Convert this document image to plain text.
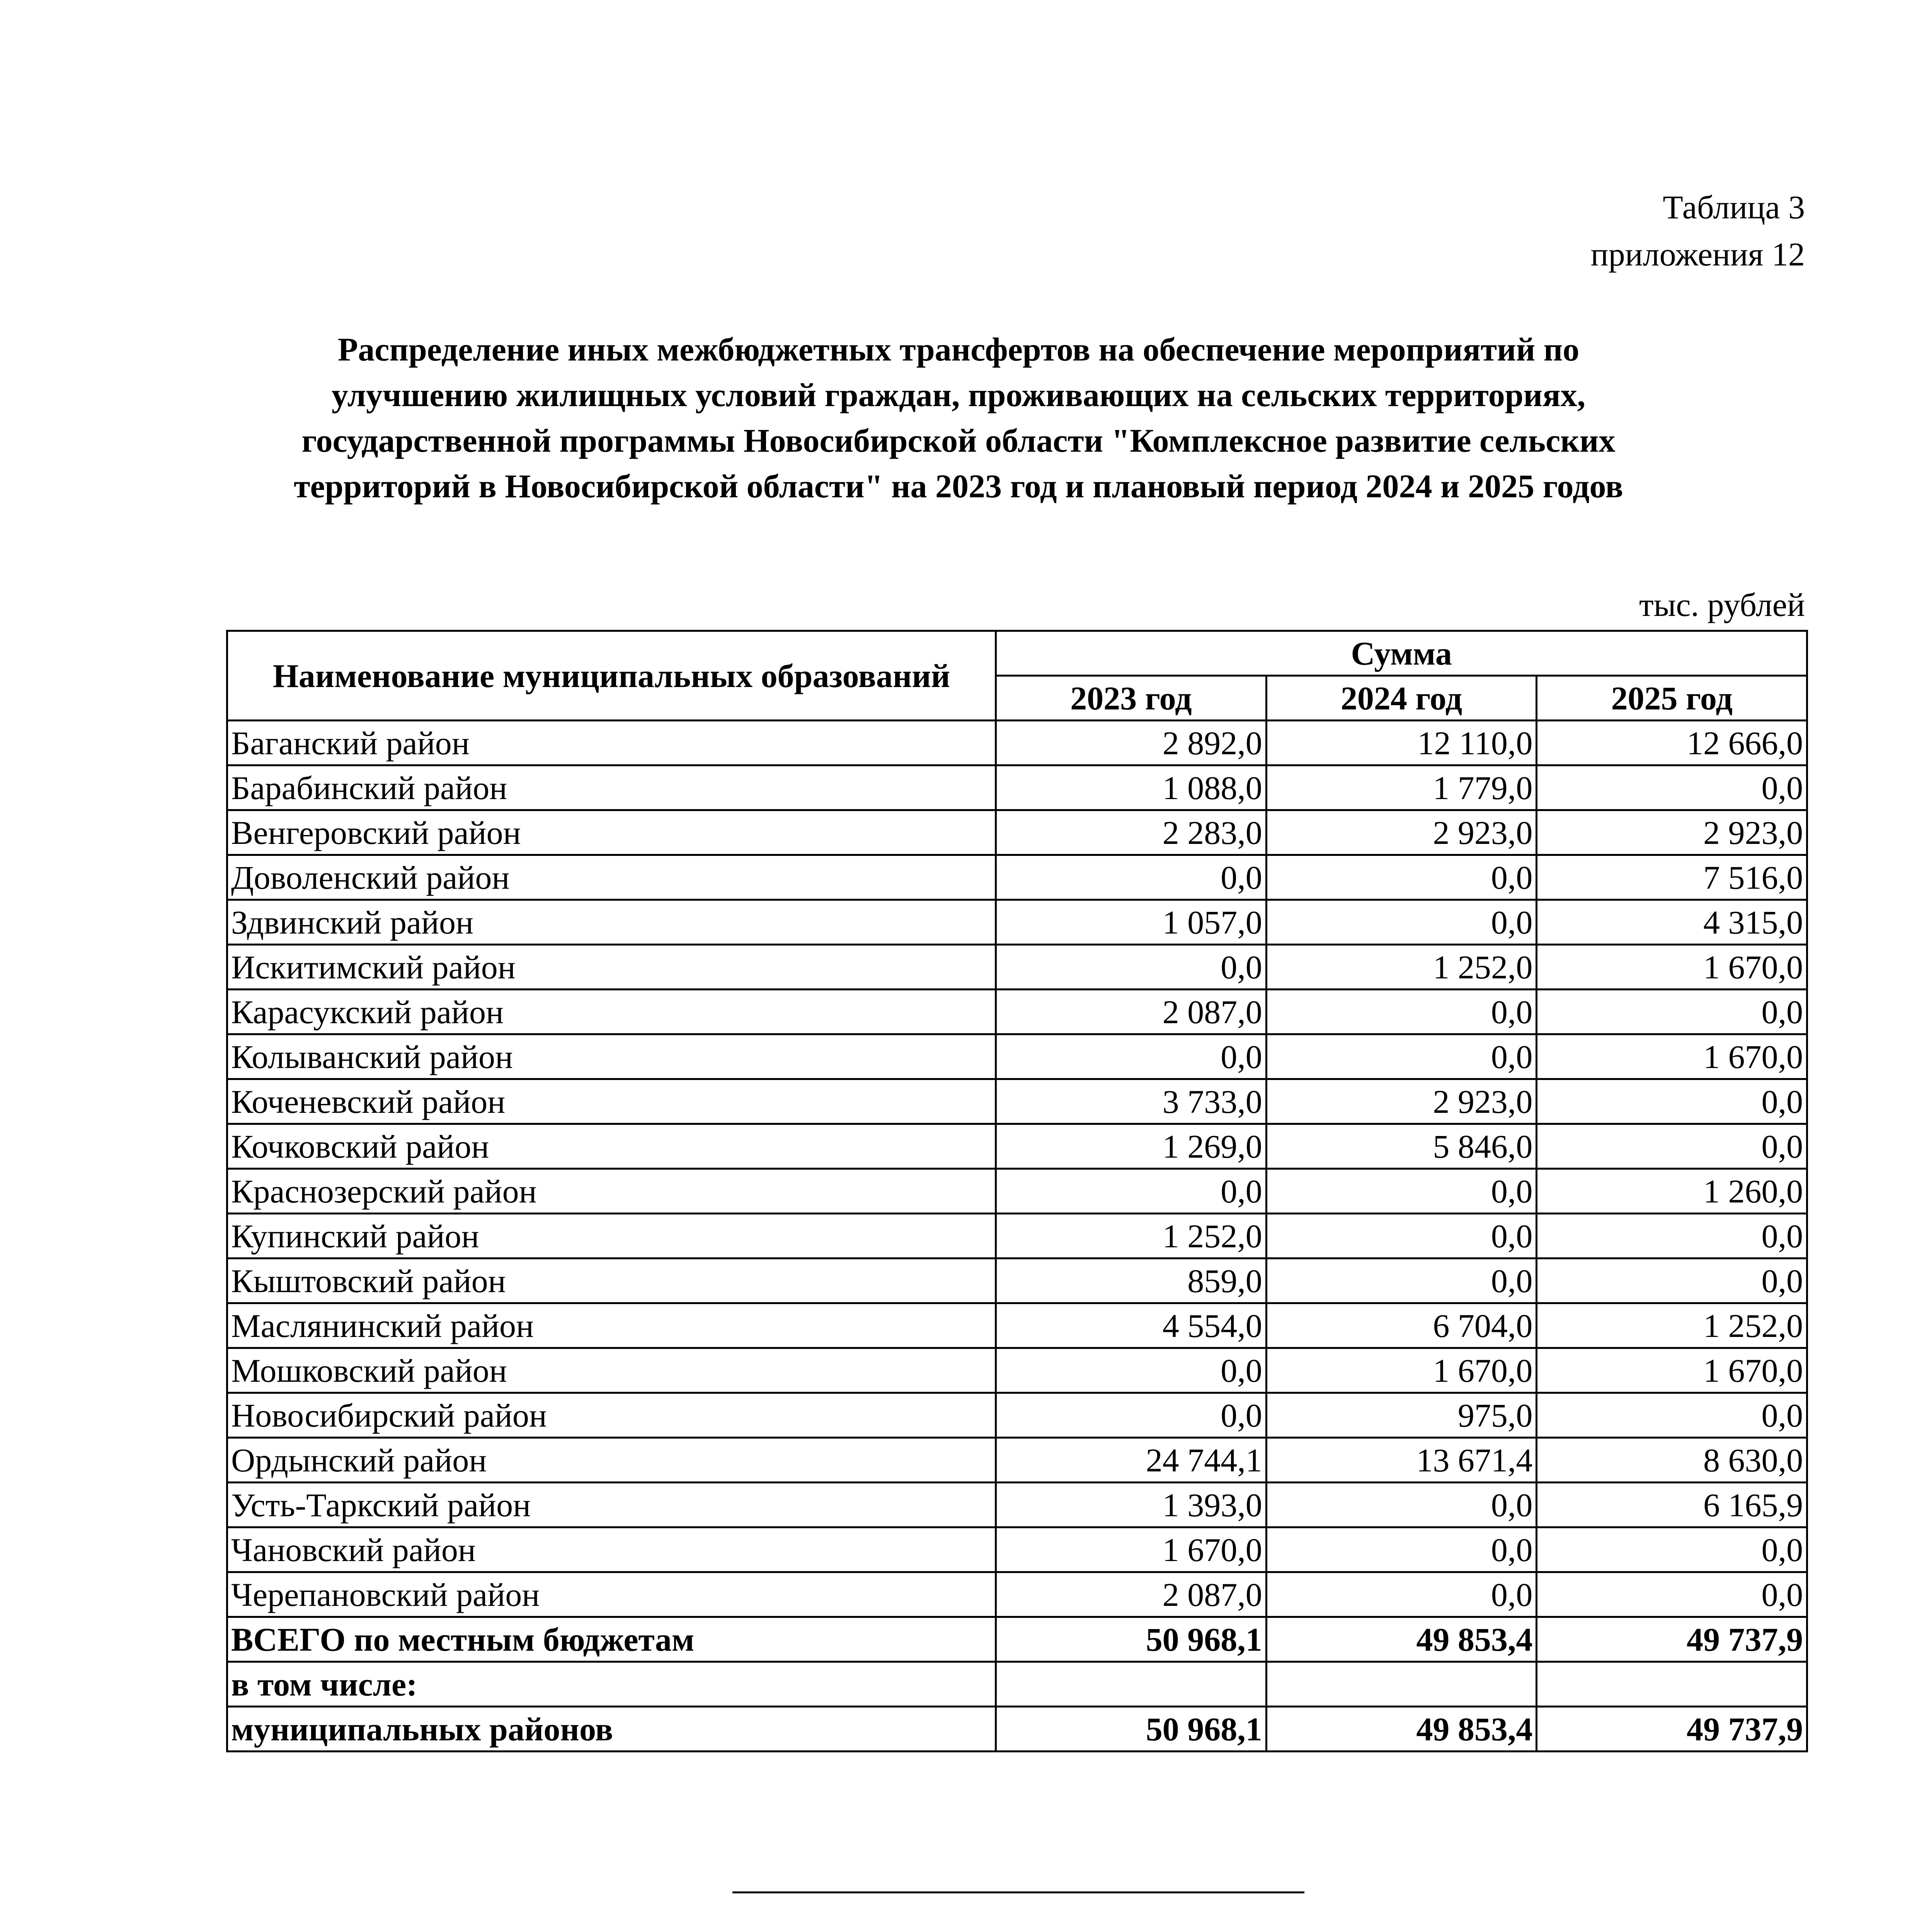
Таблица 3
приложения 12
Распределение иных межбюджетных трансфертов на обеспечение мероприятий по
улучшению жилищных условий граждан, проживающих на сельских территориях,
государственной программы Новосибирской области "Комплексное развитие сельских
территорий в Новосибирской области" на 2023 год и плановый период 2024 и 2025 годов
тыс. рублей
Наименование муниципальных образований	Сумма		
	2023 год	2024 год	2025 год
Баганский район	2 892,0	12 110,0	12 666,0
Барабинский район	1 088,0	1 779,0	0,0
Венгеровский район	2 283,0	2 923,0	2 923,0
Доволенский район	0,0	0,0	7 516,0
Здвинский район	1 057,0	0,0	4 315,0
Искитимский район	0,0	1 252,0	1 670,0
Карасукский район	2 087,0	0,0	0,0
Колыванский район	0,0	0,0	1 670,0
Коченевский район	3 733,0	2 923,0	0,0
Кочковский район	1 269,0	5 846,0	0,0
Краснозерский район	0,0	0,0	1 260,0
Купинский район	1 252,0	0,0	0,0
Кыштовский район	859,0	0,0	0,0
Маслянинский район	4 554,0	6 704,0	1 252,0
Мошковский район	0,0	1 670,0	1 670,0
Новосибирский район	0,0	975,0	0,0
Ордынский район	24 744,1	13 671,4	8 630,0
Усть-Таркский район	1 393,0	0,0	6 165,9
Чановский район	1 670,0	0,0	0,0
Черепановский район	2 087,0	0,0	0,0
ВСЕГО по местным бюджетам	50 968,1	49 853,4	49 737,9
в том числе:			
муниципальных районов	50 968,1	49 853,4	49 737,9
